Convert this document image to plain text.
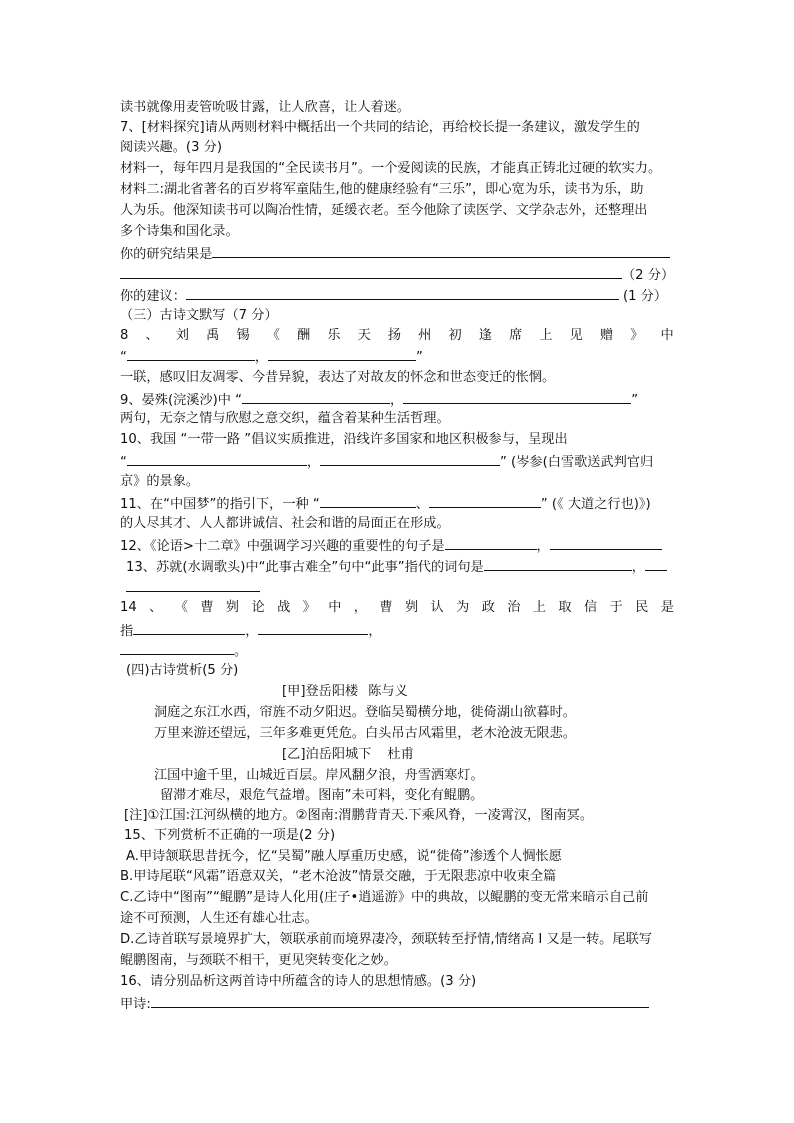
读书就像用麦管吮吸甘露，让人欣喜，让人着迷。
7、[材料探究]请从两则材料中概括出一个共同的结论，再给校长提一条建议，激发学生的
阅读兴趣。(3 分)
材料一，每年四月是我国的“全民读书月”。一个爱阅读的民族，才能真正铸北过硬的软实力。
材料二:湖北省著名的百岁将军童陆生,他的健康经验有“三乐”，即心宽为乐，读书为乐，助
人为乐。他深知读书可以陶冶性情，延缓衣老。至今他除了读医学、文学杂志外，还整理出
多个诗集和国化录。
你的研究结果是
（2 分）
你的建议：	(1 分）
（三）古诗文默写（7 分）
8 、 刘 禹 锡 《 酬 乐 天 扬 州 初 逢 席 上 见 赠 》 中
“	，	”
一联，感叹旧友凋零、今昔异貌，表达了对故友的怀念和世态变迁的怅惘。
9、晏殊(浣溪沙)中 “	，	”
两句，无奈之情与欣慰之意交织，蕴含着某种生活哲理。
10、我国 “一带一路 ”倡议实质推进，沿线许多国家和地区积极参与，呈现出
“	，	” (岑参(白雪歌送武判官归
京》的景象。
11、在“中国梦”的指引下，一种 “	、	” (《 大道之行也)》)
的人尽其才、人人都讲诚信、社会和谐的局面正在形成。
12、《论语>十二章》中强调学习兴趣的重要性的句子是	，
13、苏就(水调歌头)中“此事古难全”句中“此事”指代的词句是	，
14 、 《 曹 刿 论 战 》 中 ， 曹 刿 认 为 政 治 上 取 信 于 民 是
指	，	，
。
(四)古诗赏析(5 分)
[甲]登岳阳楼 陈与义
洞庭之东江水西，帘旌不动夕阳迟。登临吴蜀横分地，徙倚湖山欲暮时。
万里来游还望远，三年多难更凭危。白头吊古风霜里，老木沧波无限悲。
[乙]泊岳阳城下 杜甫
江国中逾千里，山城近百层。岸风翻夕浪，舟雪洒寒灯。
留滞才难尽，艰危气益增。图南”未可料，变化有鲲鹏。
[注]①江国:江河纵横的地方。②图南:渭鹏背青天.下乘风脊，一凌霄汉，图南冥。
15、下列赏析不正确的一项是(2 分)
A.甲诗颔联思昔抚今，忆“吴蜀”融人厚重历史感，说“徙倚”渗透个人惆怅愿
B.甲诗尾联“风霜”语意双关，“老木沧波”情景交融，于无限悲凉中收束全篇
C.乙诗中“图南”“鲲鹏”是诗人化用(庄子•逍遥游》中的典故，以鲲鹏的变无常来暗示自己前
途不可预测，人生还有雄心壮志。
D.乙诗首联写景境界扩大，领联承前而境界凄冷，颈联转至抒情,情绪高 I 又是一转。尾联写
鲲鹏图南，与颈联不相干，更见突转变化之妙。
16、请分别品析这两首诗中所蕴含的诗人的思想情感。(3 分)
甲诗:
